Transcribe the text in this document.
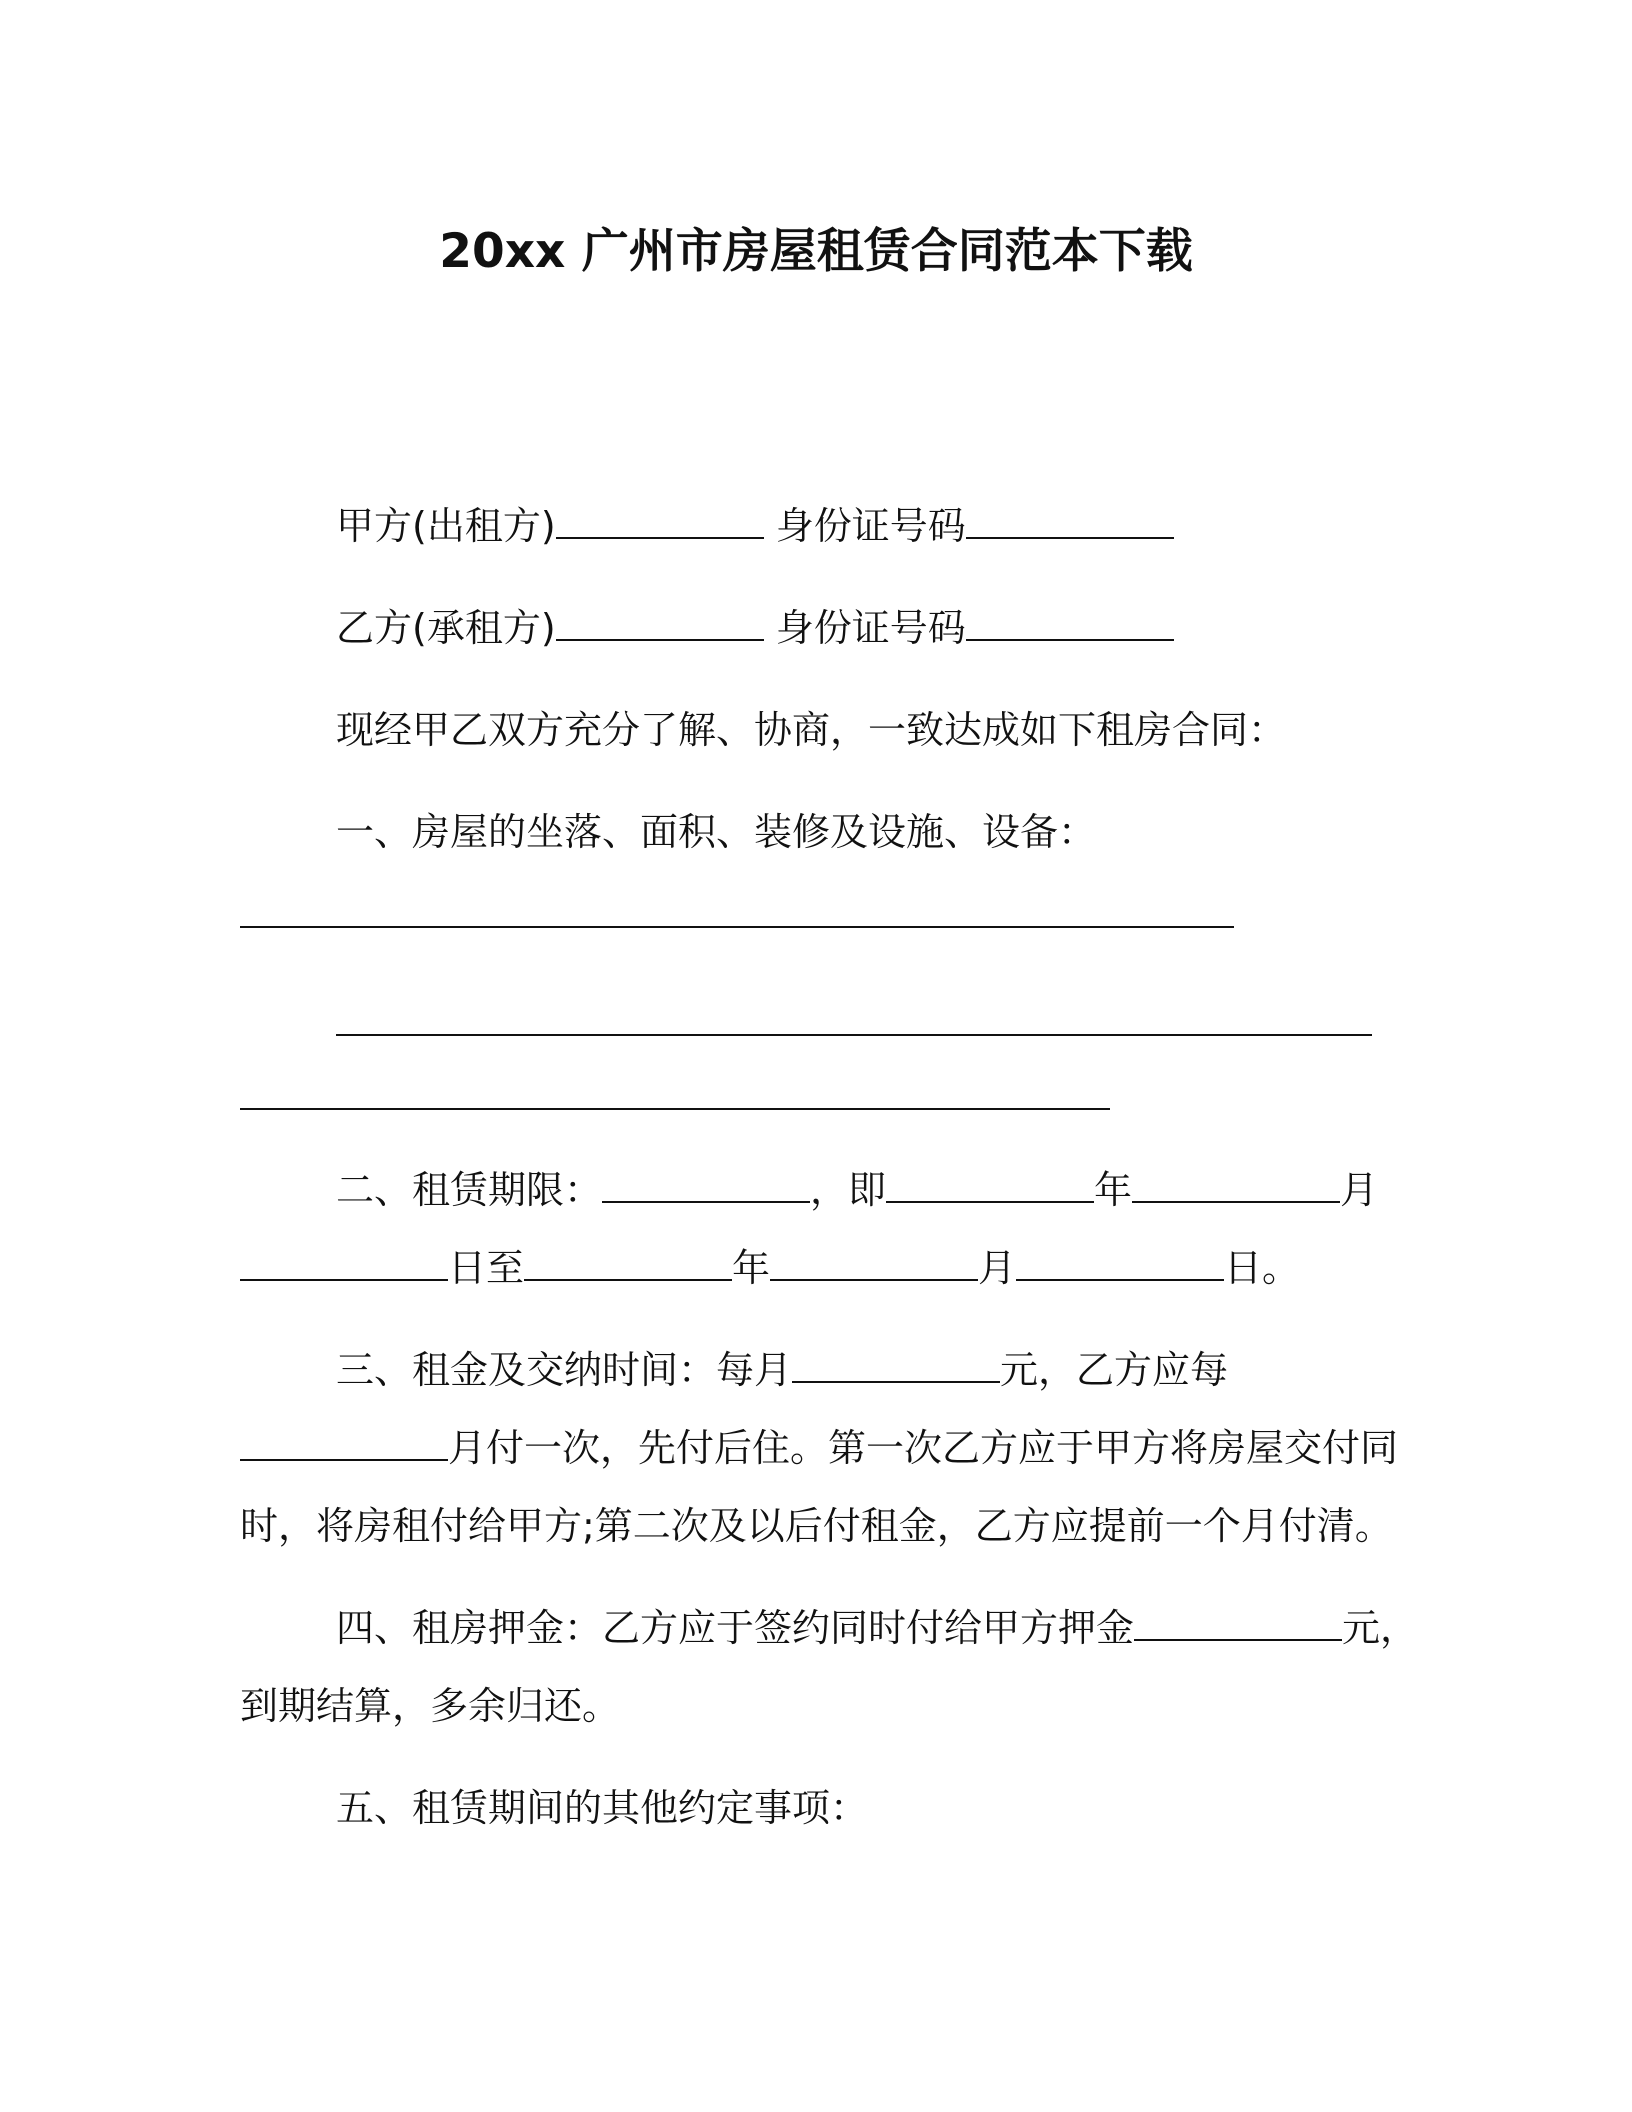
20xx 广州市房屋租赁合同范本下载
甲方(出租方)	身份证号码
乙方(承租方)	身份证号码
现经甲乙双方充分了解、协商，一致达成如下租房合同：
一、房屋的坐落、面积、装修及设施、设备：
二、租赁期限：	，即	年	月
日至	年	月	日。
三、租金及交纳时间：每月	元，乙方应每
月付一次，先付后住。第一次乙方应于甲方将房屋交付同
时，将房租付给甲方;第二次及以后付租金，乙方应提前一个月付清。
四、租房押金：乙方应于签约同时付给甲方押金	元，
到期结算，多余归还。
五、租赁期间的其他约定事项：
